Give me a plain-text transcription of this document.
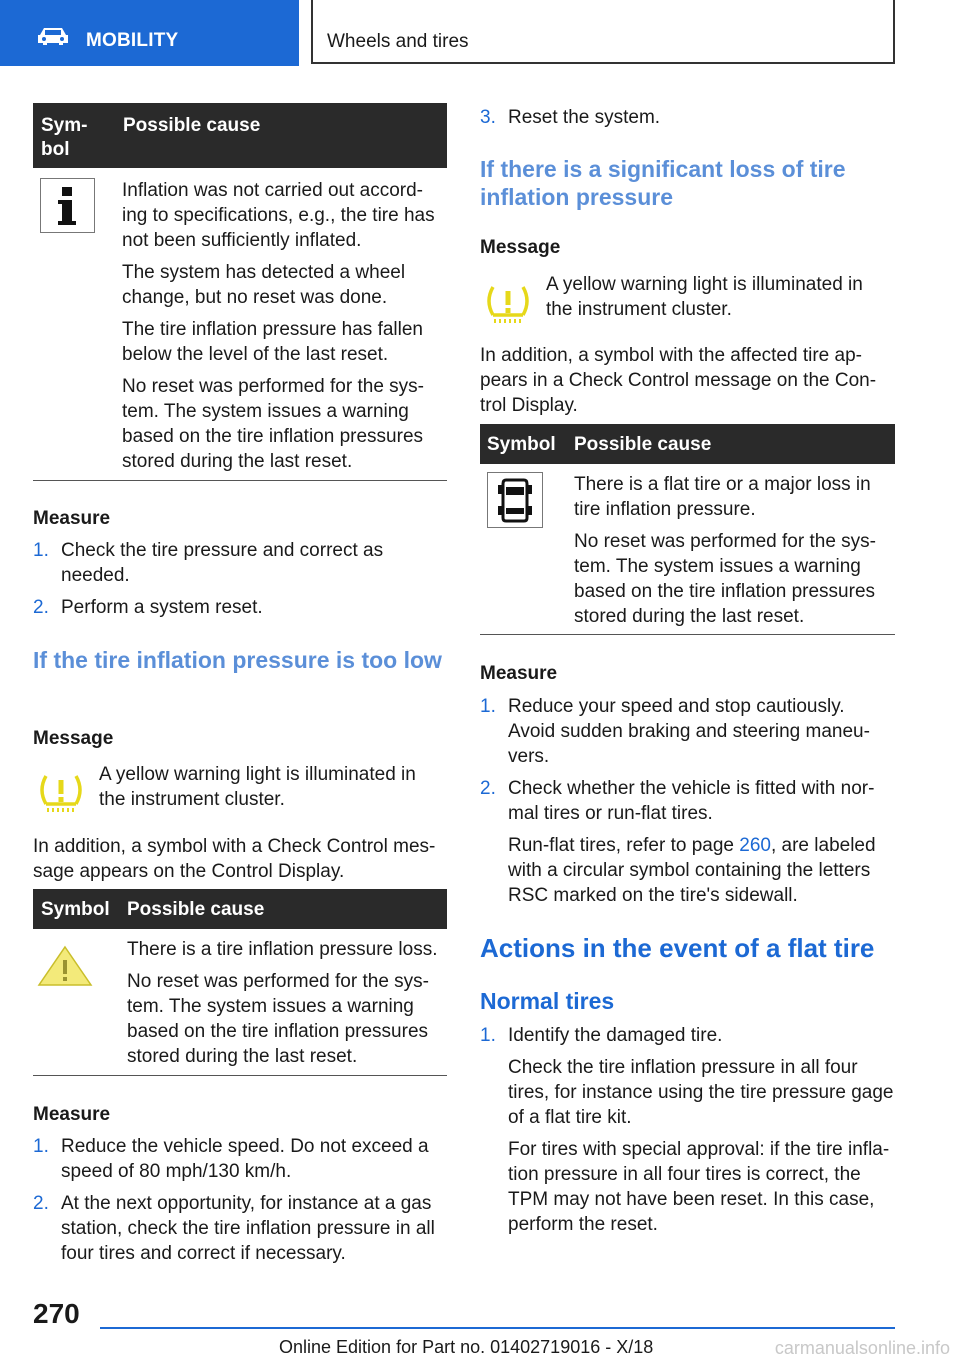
MOBILITY	Wheels and tires
Sym-
bol
Possible cause

Inflation was not carried out accord-ing to specifications, e.g., the tire has not been sufficiently inflated.

The system has detected a wheel change, but no reset was done.

The tire inflation pressure has fallen below the level of the last reset.

No reset was performed for the sys-tem. The system issues a warning based on the tire inflation pressures stored during the last reset.

Measure
1. Check the tire pressure and correct as needed.
2. Perform a system reset.
If the tire inflation pressure is too low
Message
A yellow warning light is illuminated in the instrument cluster.
In addition, a symbol with a Check Control mes-sage appears on the Control Display.
Symbol Possible cause

There is a tire inflation pressure loss.

No reset was performed for the sys-tem. The system issues a warning based on the tire inflation pressures stored during the last reset.

Measure
1. Reduce the vehicle speed. Do not exceed a speed of 80 mph/130 km/h.
2. At the next opportunity, for instance at a gas station, check the tire inflation pressure in all four tires and correct if necessary.
3. Reset the system.
If there is a significant loss of tire inflation pressure
Message
A yellow warning light is illuminated in the instrument cluster.
In addition, a symbol with the affected tire ap-pears in a Check Control message on the Con-trol Display.
Symbol Possible cause

There is a flat tire or a major loss in tire inflation pressure.

No reset was performed for the sys-tem. The system issues a warning based on the tire inflation pressures stored during the last reset.

Measure
1. Reduce your speed and stop cautiously. Avoid sudden braking and steering maneu-vers.
2. Check whether the vehicle is fitted with nor-mal tires or run-flat tires.

Run-flat tires, refer to page 260, are labeled with a circular symbol containing the letters RSC marked on the tire's sidewall.

Actions in the event of a flat tire
Normal tires
1. Identify the damaged tire.

Check the tire inflation pressure in all four tires, for instance using the tire pressure gage of a flat tire kit.

For tires with special approval: if the tire infla-tion pressure in all four tires is correct, the TPM may not have been reset. In this case, perform the reset.

270
Online Edition for Part no. 01402719016 - X/18	carmanualsonline.info
